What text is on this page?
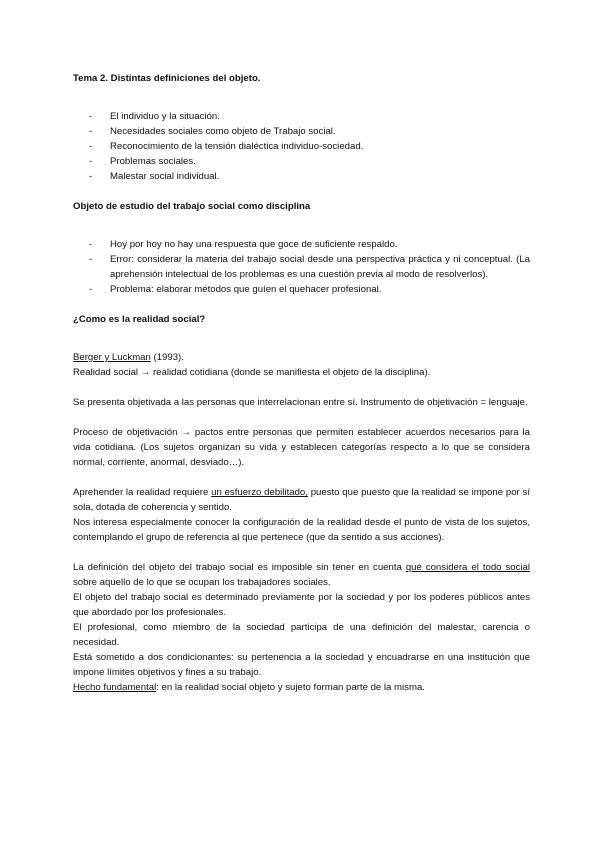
Tema 2. Distintas definiciones del objeto.

- El individuo y la situación.
- Necesidades sociales como objeto de Trabajo social.
- Reconocimiento de la tensión dialéctica individuo-sociedad.
- Problemas sociales.
- Malestar social individual.

Objeto de estudio del trabajo social como disciplina

- Hoy por hoy no hay una respuesta que goce de suficiente respaldo.
- Error: considerar la materia del trabajo social desde una perspectiva práctica y ni conceptual. (La aprehensión intelectual de los problemas es una cuestión previa al modo de resolverlos).
- Problema: elaborar métodos que guíen el quehacer profesional.

¿Como es la realidad social?

Berger y Luckman (1993).

Realidad social → realidad cotidiana (donde se manifiesta el objeto de la disciplina).

Se presenta objetivada a las personas que interrelacionan entre sí. Instrumento de objetivación = lenguaje.

Proceso de objetivación → pactos entre personas que permiten establecer acuerdos necesarios para la vida cotidiana. (Los sujetos organizan su vida y establecen categorías respecto a lo que se considera normal, corriente, anormal, desviado…).

Aprehender la realidad requiere un esfuerzo debilitado, puesto que puesto que la realidad se impone por sí sola, dotada de coherencia y sentido.

Nos interesa especialmente conocer la configuración de la realidad desde el punto de vista de los sujetos, contemplando el grupo de referencia al que pertenece (que da sentido a sus acciones).

La definición del objeto del trabajo social es imposible sin tener en cuenta qué considera el todo social sobre aquello de lo que se ocupan los trabajadores sociales.

El objeto del trabajo social es determinado previamente por la sociedad y por los poderes públicos antes que abordado por los profesionales.

El profesional, como miembro de la sociedad participa de una definición del malestar, carencia o necesidad.

Está sometido a dos condicionantes: su pertenencia a la sociedad y encuadrarse en una institución que impone límites objetivos y fines a su trabajo.

Hecho fundamental: en la realidad social objeto y sujeto forman parte de la misma.
